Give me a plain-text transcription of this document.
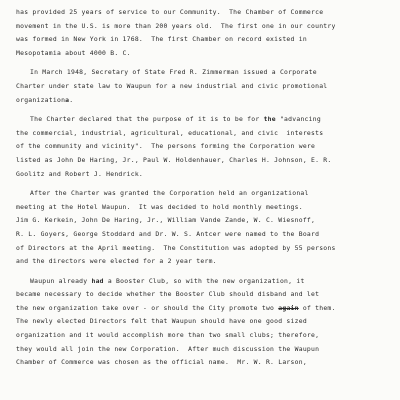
has provided 25 years of service to our Community.  The Chamber of Commerce
movement in the U.S. is more than 200 years old.  The first one in our country
was formed in New York in 1768.  The first Chamber on record existed in
Mesopotamia about 4000 B. C.
In March 1948, Secretary of State Fred R. Zimmerman issued a Corporate
Charter under state law to Waupun for a new industrial and civic promotional
organizationa.
The Charter declared that the purpose of it is to be for the "advancing
the commercial, industrial, agricultural, educational, and civic  interests
of the community and vicinity".  The persons forming the Corporation were
listed as John De Haring, Jr., Paul W. Holdenhauer, Charles H. Johnson, E. R.
Goolitz and Robert J. Hendrick.
After the Charter was granted the Corporation held an organizational
meeting at the Hotel Waupun.  It was decided to hold monthly meetings.
Jim G. Kerkein, John De Haring, Jr., William Vande Zande, W. C. Wiesnoff,
R. L. Goyers, George Stoddard and Dr. W. S. Antcer were named to the Board
of Directors at the April meeting.  The Constitution was adopted by 55 persons
and the directors were elected for a 2 year term.
Waupun already had a Booster Club, so with the new organization, it
became necessary to decide whether the Booster Club should disband and let
the new organization take over - or should the City promote two again of them.
The newly elected Directors felt that Waupun should have one good sized
organization and it would accomplish more than two small clubs; therefore,
they would all join the new Corporation.  After much discussion the Waupun
Chamber of Commerce was chosen as the official name.  Mr. W. R. Larson,
